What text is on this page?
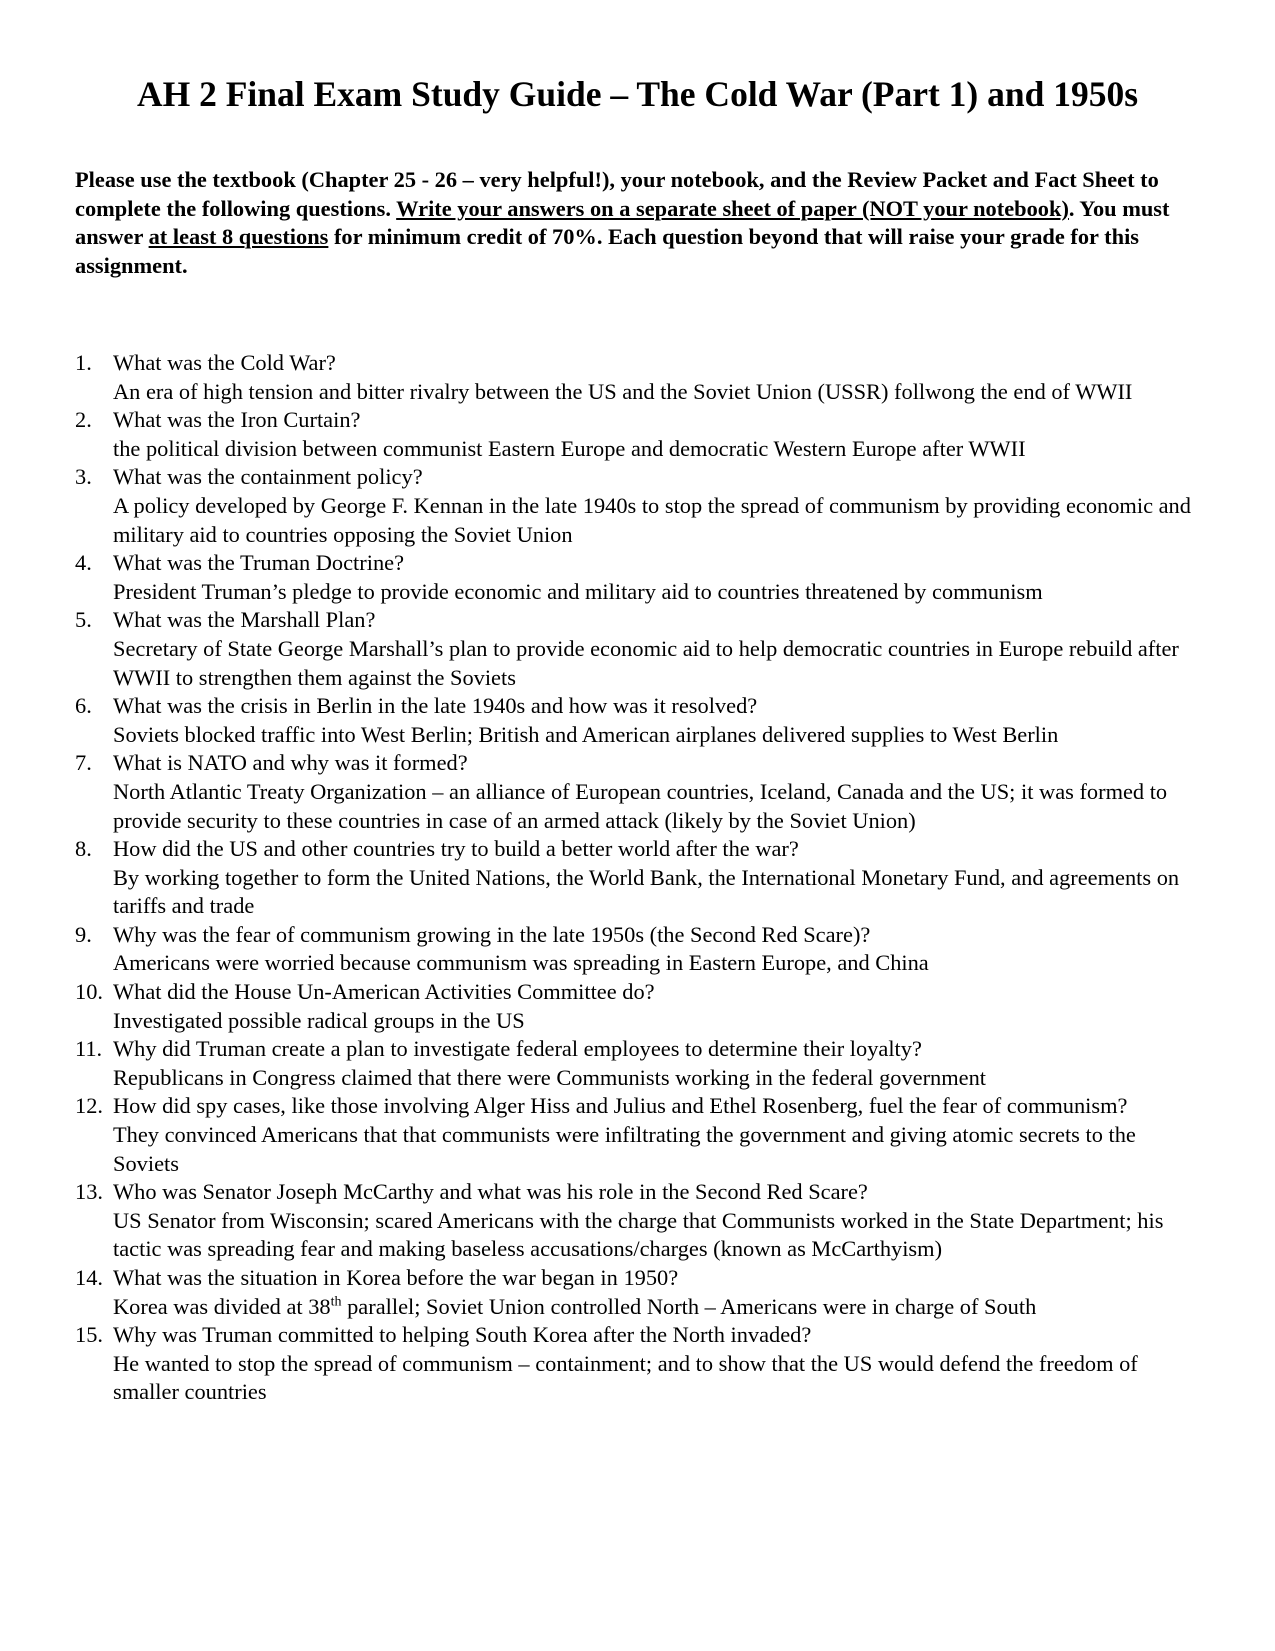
AH 2 Final Exam Study Guide – The Cold War (Part 1) and 1950s

Please use the textbook (Chapter 25 - 26 – very helpful!), your notebook, and the Review Packet and Fact Sheet to complete the following questions. Write your answers on a separate sheet of paper (NOT your notebook). You must answer at least 8 questions for minimum credit of 70%. Each question beyond that will raise your grade for this assignment.

1. What was the Cold War?
An era of high tension and bitter rivalry between the US and the Soviet Union (USSR) follwong the end of WWII
2. What was the Iron Curtain?
the political division between communist Eastern Europe and democratic Western Europe after WWII
3. What was the containment policy?
A policy developed by George F. Kennan in the late 1940s to stop the spread of communism by providing economic and military aid to countries opposing the Soviet Union
4. What was the Truman Doctrine?
President Truman’s pledge to provide economic and military aid to countries threatened by communism
5. What was the Marshall Plan?
Secretary of State George Marshall’s plan to provide economic aid to help democratic countries in Europe rebuild after WWII to strengthen them against the Soviets
6. What was the crisis in Berlin in the late 1940s and how was it resolved?
Soviets blocked traffic into West Berlin; British and American airplanes delivered supplies to West Berlin
7. What is NATO and why was it formed?
North Atlantic Treaty Organization – an alliance of European countries, Iceland, Canada and the US; it was formed to provide security to these countries in case of an armed attack (likely by the Soviet Union)
8. How did the US and other countries try to build a better world after the war?
By working together to form the United Nations, the World Bank, the International Monetary Fund, and agreements on tariffs and trade
9. Why was the fear of communism growing in the late 1950s (the Second Red Scare)?
Americans were worried because communism was spreading in Eastern Europe, and China
10. What did the House Un-American Activities Committee do?
Investigated possible radical groups in the US
11. Why did Truman create a plan to investigate federal employees to determine their loyalty?
Republicans in Congress claimed that there were Communists working in the federal government
12. How did spy cases, like those involving Alger Hiss and Julius and Ethel Rosenberg, fuel the fear of communism?
They convinced Americans that that communists were infiltrating the government and giving atomic secrets to the Soviets
13. Who was Senator Joseph McCarthy and what was his role in the Second Red Scare?
US Senator from Wisconsin; scared Americans with the charge that Communists worked in the State Department; his tactic was spreading fear and making baseless accusations/charges (known as McCarthyism)
14. What was the situation in Korea before the war began in 1950?
Korea was divided at 38th parallel; Soviet Union controlled North – Americans were in charge of South
15. Why was Truman committed to helping South Korea after the North invaded?
He wanted to stop the spread of communism – containment; and to show that the US would defend the freedom of smaller countries
